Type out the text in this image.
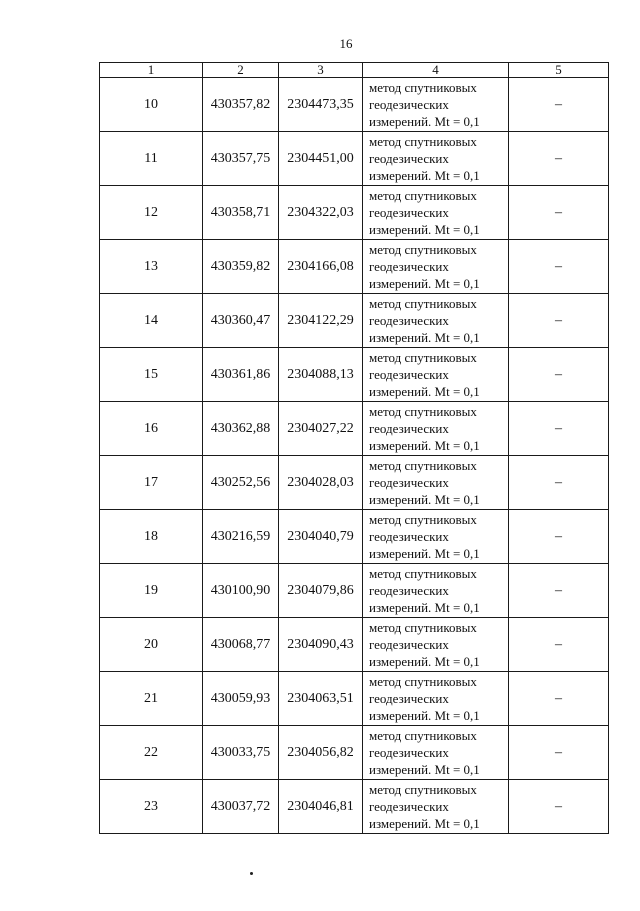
16
1	2	3	4	5
10	430357,82	2304473,35	метод спутниковых
геодезических
измерений. Mt = 0,1	–
11	430357,75	2304451,00	метод спутниковых
геодезических
измерений. Mt = 0,1	–
12	430358,71	2304322,03	метод спутниковых
геодезических
измерений. Mt = 0,1	–
13	430359,82	2304166,08	метод спутниковых
геодезических
измерений. Mt = 0,1	–
14	430360,47	2304122,29	метод спутниковых
геодезических
измерений. Mt = 0,1	–
15	430361,86	2304088,13	метод спутниковых
геодезических
измерений. Mt = 0,1	–
16	430362,88	2304027,22	метод спутниковых
геодезических
измерений. Mt = 0,1	–
17	430252,56	2304028,03	метод спутниковых
геодезических
измерений. Mt = 0,1	–
18	430216,59	2304040,79	метод спутниковых
геодезических
измерений. Mt = 0,1	–
19	430100,90	2304079,86	метод спутниковых
геодезических
измерений. Mt = 0,1	–
20	430068,77	2304090,43	метод спутниковых
геодезических
измерений. Mt = 0,1	–
21	430059,93	2304063,51	метод спутниковых
геодезических
измерений. Mt = 0,1	–
22	430033,75	2304056,82	метод спутниковых
геодезических
измерений. Mt = 0,1	–
23	430037,72	2304046,81	метод спутниковых
геодезических
измерений. Mt = 0,1	–
